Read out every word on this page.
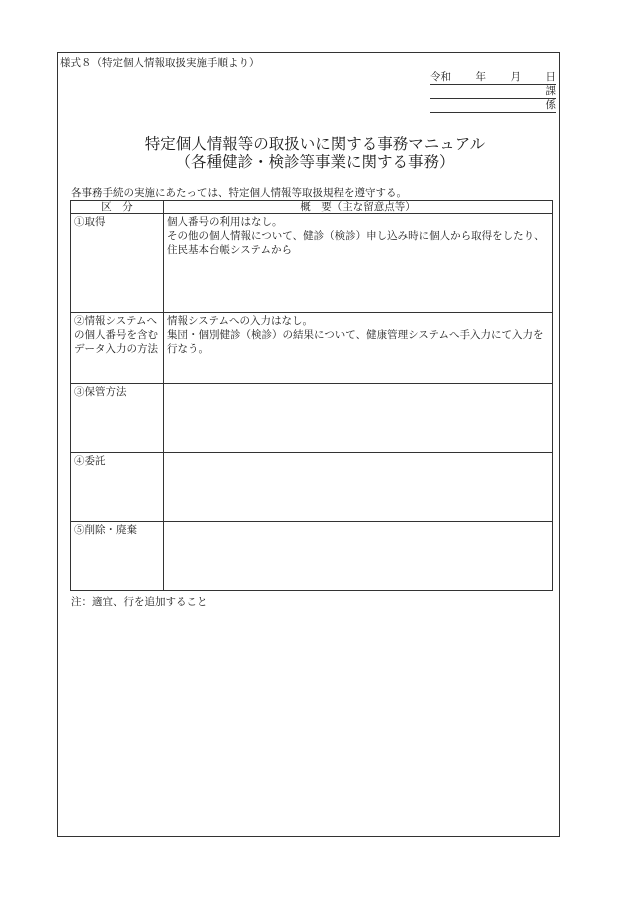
様式８（特定個人情報取扱実施手順より）
令和 年 月 日
課
係
特定個人情報等の取扱いに関する事務マニュアル
（各種健診・検診等事業に関する事務）
各事務手続の実施にあたっては、特定個人情報等取扱規程を遵守する。
区　分	概　要（主な留意点等）
①取得	個人番号の利用はなし。
その他の個人情報について、健診（検診）申し込み時に個人から取得をしたり、住民基本台帳システムから

②情報システムへの個人番号を含むデータ入力の方法	情報システムへの入力はなし。
集団・個別健診（検診）の結果について、健康管理システムへ手入力にて入力を行なう。

③保管方法	
④委託	
⑤削除・廃棄	
注：適宜、行を追加すること
